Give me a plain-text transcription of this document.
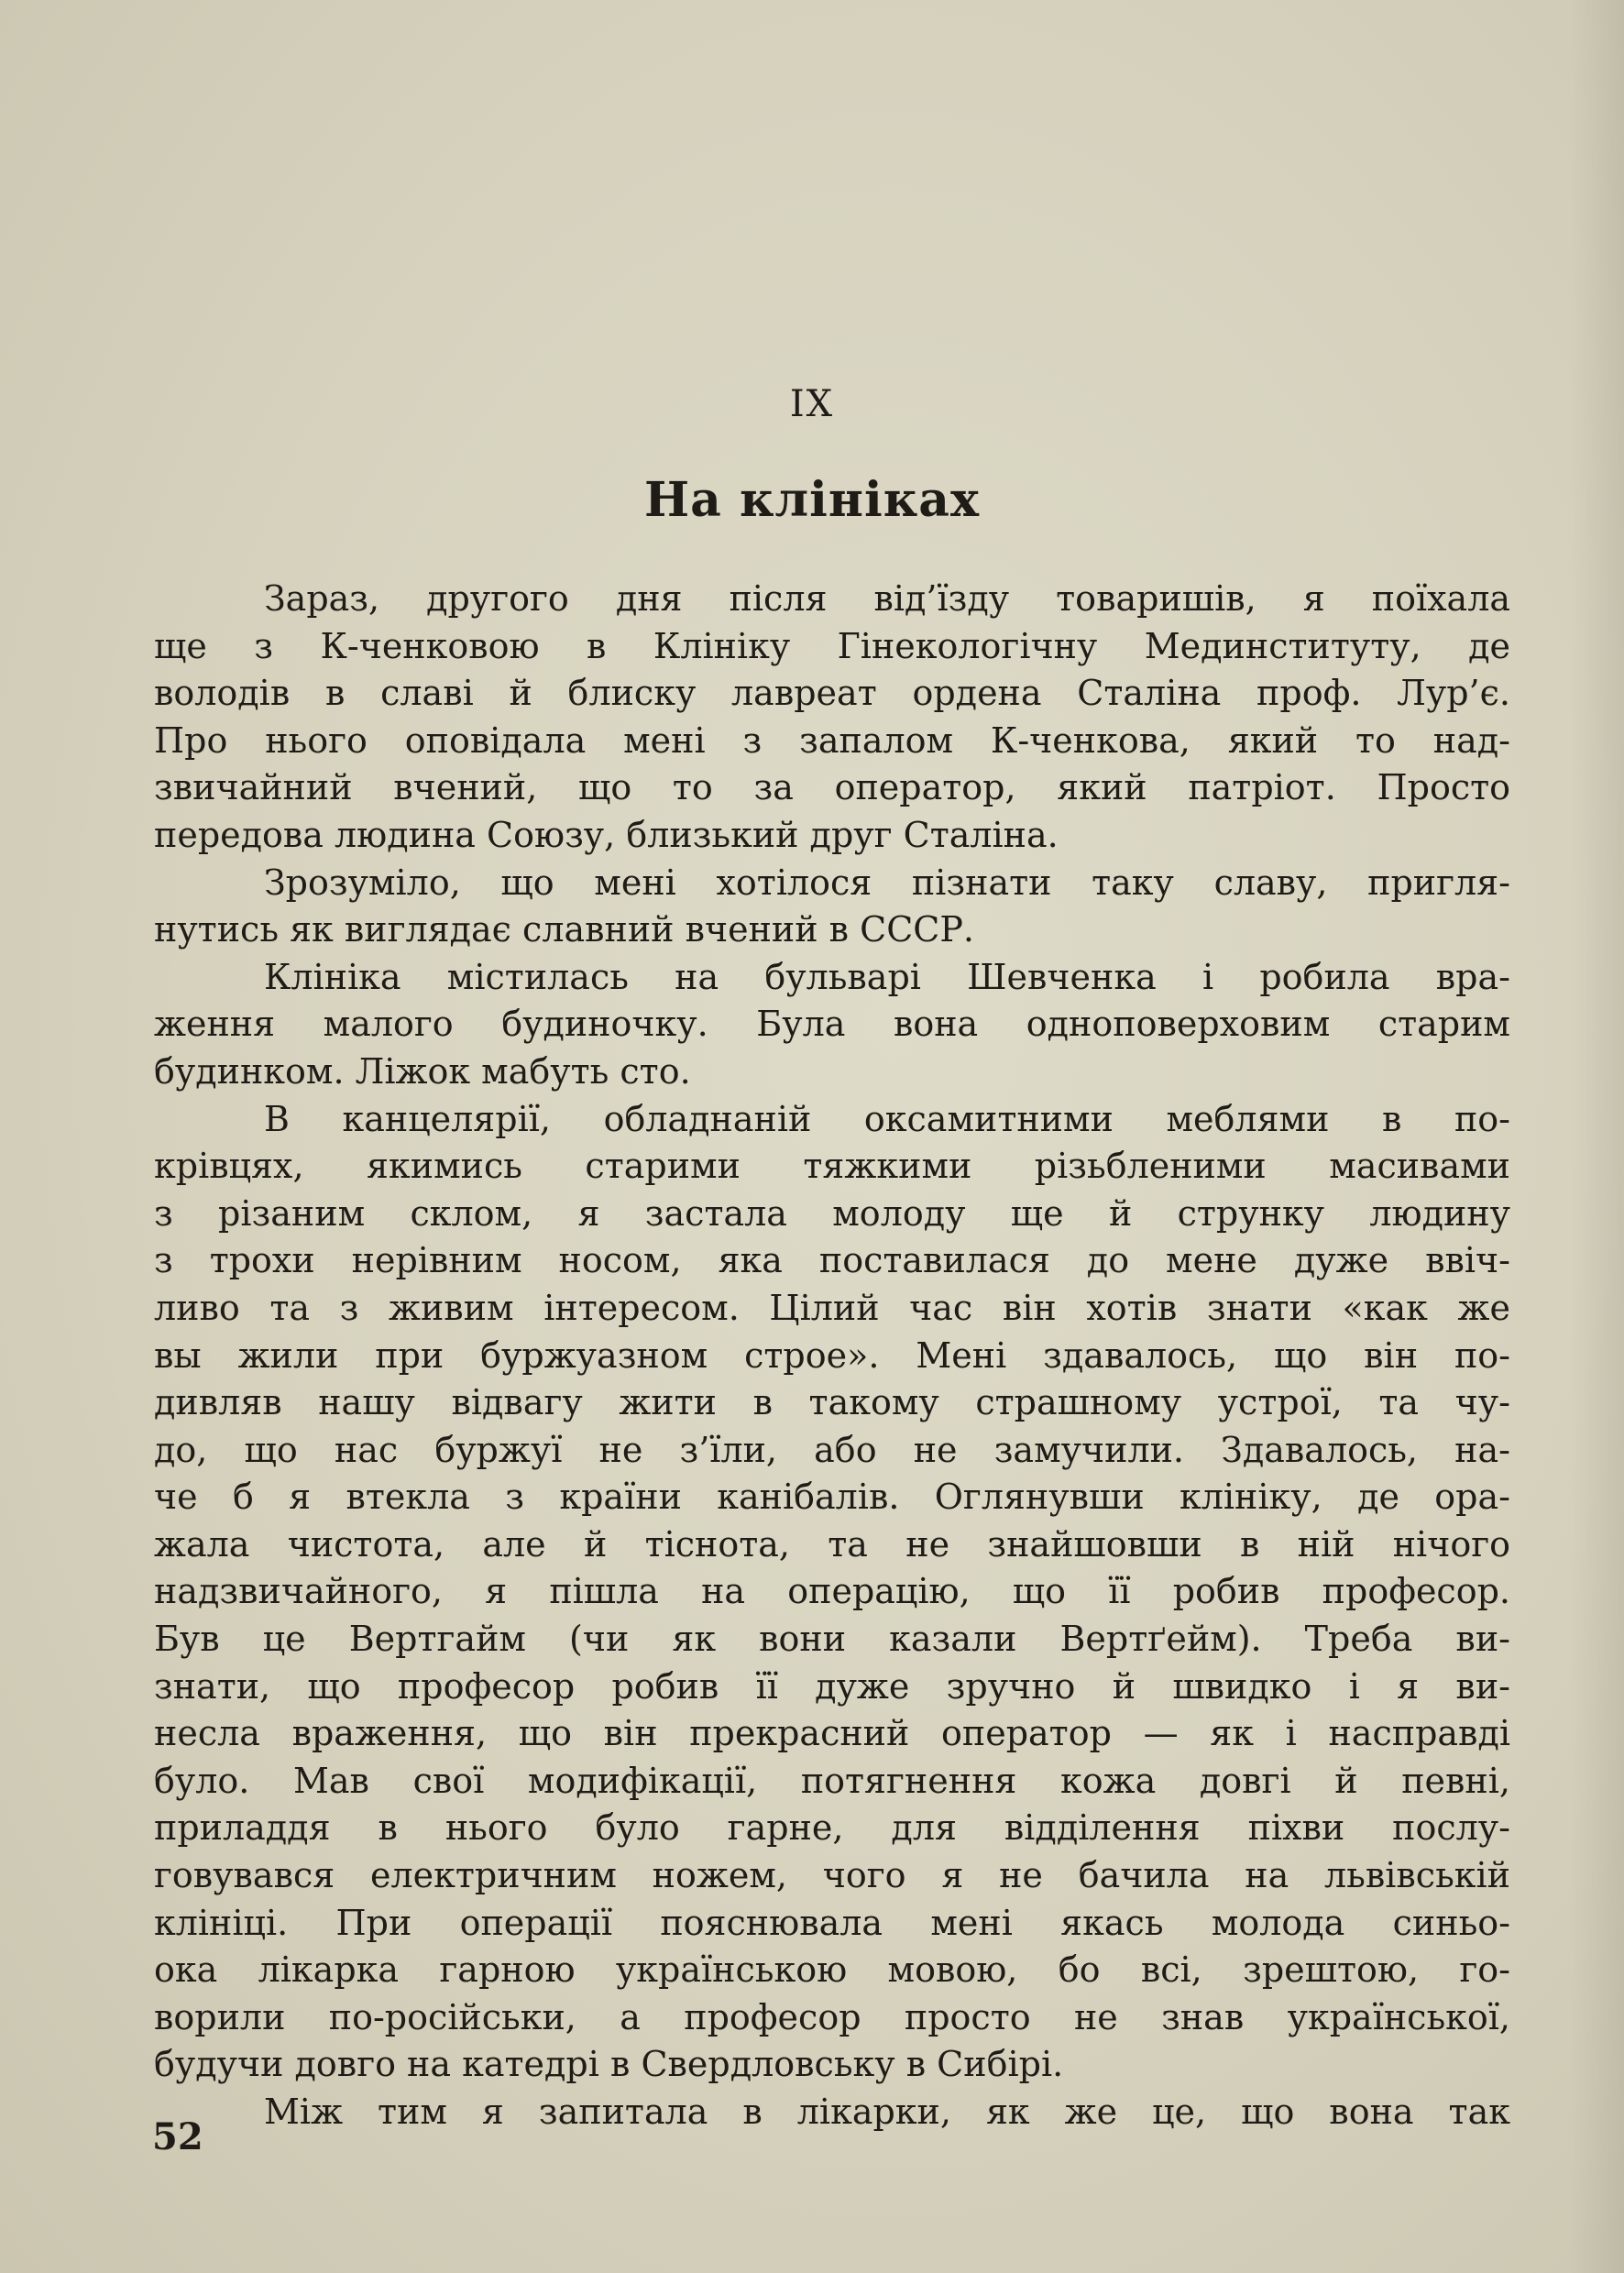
IX
На клініках
Зараз, другого дня після від’їзду товаришів, я поїхала
ще з К-ченковою в Клініку Гінекологічну Мединституту, де
володів в славі й блиску лавреат ордена Сталіна проф. Лур’є.
Про нього оповідала мені з запалом К-ченкова, який то над-
звичайний вчений, що то за оператор, який патріот. Просто
передова людина Союзу, близький друг Сталіна.
Зрозуміло, що мені хотілося пізнати таку славу, пригля-
нутись як виглядає славний вчений в СССР.
Клініка містилась на бульварі Шевченка і робила вра-
ження малого будиночку. Була вона одноповерховим старим
будинком. Ліжок мабуть сто.
В канцелярії, обладнаній оксамитними меблями в по-
крівцях, якимись старими тяжкими різьбленими масивами
з різаним склом, я застала молоду ще й струнку людину
з трохи нерівним носом, яка поставилася до мене дуже ввіч-
ливо та з живим інтересом. Цілий час він хотів знати «как же
вы жили при буржуазном строе». Мені здавалось, що він по-
дивляв нашу відвагу жити в такому страшному устрої, та чу-
до, що нас буржуї не з’їли, або не замучили. Здавалось, на-
че б я втекла з країни канібалів. Оглянувши клініку, де ора-
жала чистота, але й тіснота, та не знайшовши в ній нічого
надзвичайного, я пішла на операцію, що її робив професор.
Був це Вертгайм (чи як вони казали Вертґейм). Треба ви-
знати, що професор робив її дуже зручно й швидко і я ви-
несла враження, що він прекрасний оператор — як і насправді
було. Мав свої модифікації, потягнення кожа довгі й певні,
приладдя в нього було гарне, для відділення піхви послу-
говувався електричним ножем, чого я не бачила на львівській
клініці. При операції пояснювала мені якась молода синьо-
ока лікарка гарною українською мовою, бо всі, зрештою, го-
ворили по-російськи, а професор просто не знав української,
будучи довго на катедрі в Свердловську в Сибірі.
Між тим я запитала в лікарки, як же це, що вона так
52
